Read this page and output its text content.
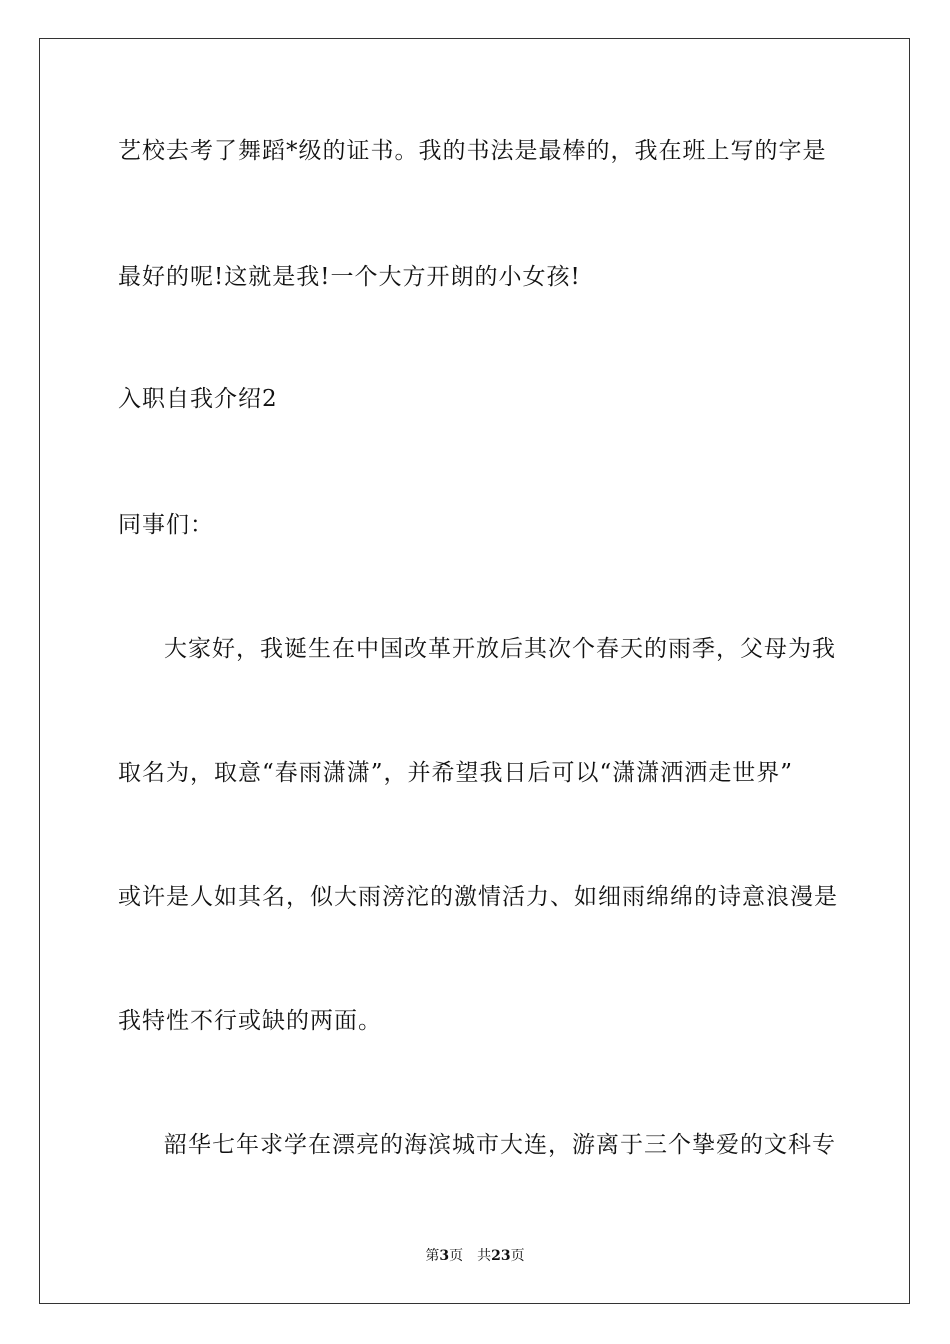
艺校去考了舞蹈*级的证书。我的书法是最棒的，我在班上写的字是
最好的呢!这就是我!一个大方开朗的小女孩!
入职自我介绍2
同事们：
大家好，我诞生在中国改革开放后其次个春天的雨季，父母为我
取名为，取意“春雨潇潇”，并希望我日后可以“潇潇洒洒走世界”
或许是人如其名，似大雨滂沱的激情活力、如细雨绵绵的诗意浪漫是
我特性不行或缺的两面。
韶华七年求学在漂亮的海滨城市大连，游离于三个挚爱的文科专
第3页 共23页
